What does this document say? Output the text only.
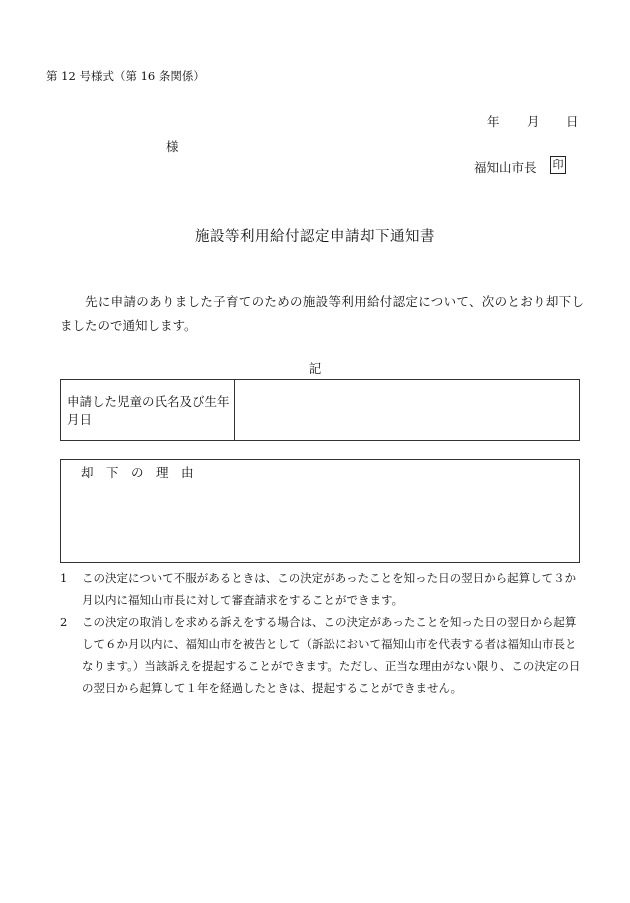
第 12 号様式（第 16 条関係）
年 月 日
様
福知山市長 印
施設等利用給付認定申請却下通知書
先に申請のありました子育てのための施設等利用給付認定について、次のとおり却下しましたので通知します。
記
申請した児童の氏名及び生年月日
却　下　の　理　由
1	この決定について不服があるときは、この決定があったことを知った日の翌日から起算して３か月以内に福知山市長に対して審査請求をすることができます。
2	この決定の取消しを求める訴えをする場合は、この決定があったことを知った日の翌日から起算して６か月以内に、福知山市を被告として（訴訟において福知山市を代表する者は福知山市長となります。）当該訴えを提起することができます。ただし、正当な理由がない限り、この決定の日の翌日から起算して１年を経過したときは、提起することができません。
